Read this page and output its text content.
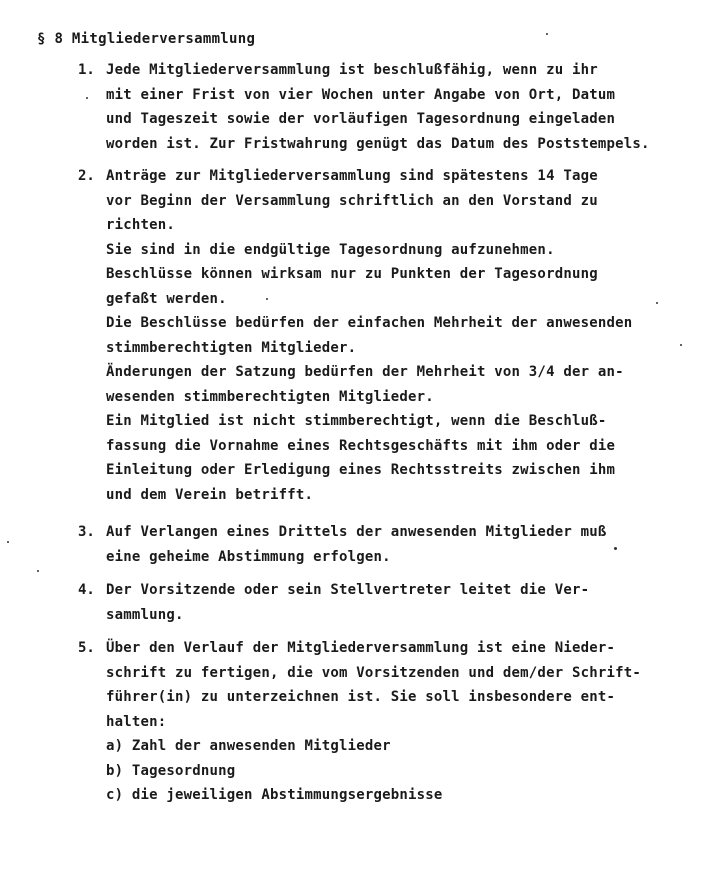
§ 8 Mitgliederversammlung
1. Jede Mitgliederversammlung ist beschlußfähig, wenn zu ihr
mit einer Frist von vier Wochen unter Angabe von Ort, Datum
und Tageszeit sowie der vorläufigen Tagesordnung eingeladen
worden ist. Zur Fristwahrung genügt das Datum des Poststempels.
2. Anträge zur Mitgliederversammlung sind spätestens 14 Tage
vor Beginn der Versammlung schriftlich an den Vorstand zu
richten.
Sie sind in die endgültige Tagesordnung aufzunehmen.
Beschlüsse können wirksam nur zu Punkten der Tagesordnung
gefaßt werden.
Die Beschlüsse bedürfen der einfachen Mehrheit der anwesenden
stimmberechtigten Mitglieder.
Änderungen der Satzung bedürfen der Mehrheit von 3/4 der an-
wesenden stimmberechtigten Mitglieder.
Ein Mitglied ist nicht stimmberechtigt, wenn die Beschluß-
fassung die Vornahme eines Rechtsgeschäfts mit ihm oder die
Einleitung oder Erledigung eines Rechtsstreits zwischen ihm
und dem Verein betrifft.
3. Auf Verlangen eines Drittels der anwesenden Mitglieder muß
eine geheime Abstimmung erfolgen.
4. Der Vorsitzende oder sein Stellvertreter leitet die Ver-
sammlung.
5. Über den Verlauf der Mitgliederversammlung ist eine Nieder-
schrift zu fertigen, die vom Vorsitzenden und dem/der Schrift-
führer(in) zu unterzeichnen ist. Sie soll insbesondere ent-
halten:
a) Zahl der anwesenden Mitglieder
b) Tagesordnung
c) die jeweiligen Abstimmungsergebnisse
